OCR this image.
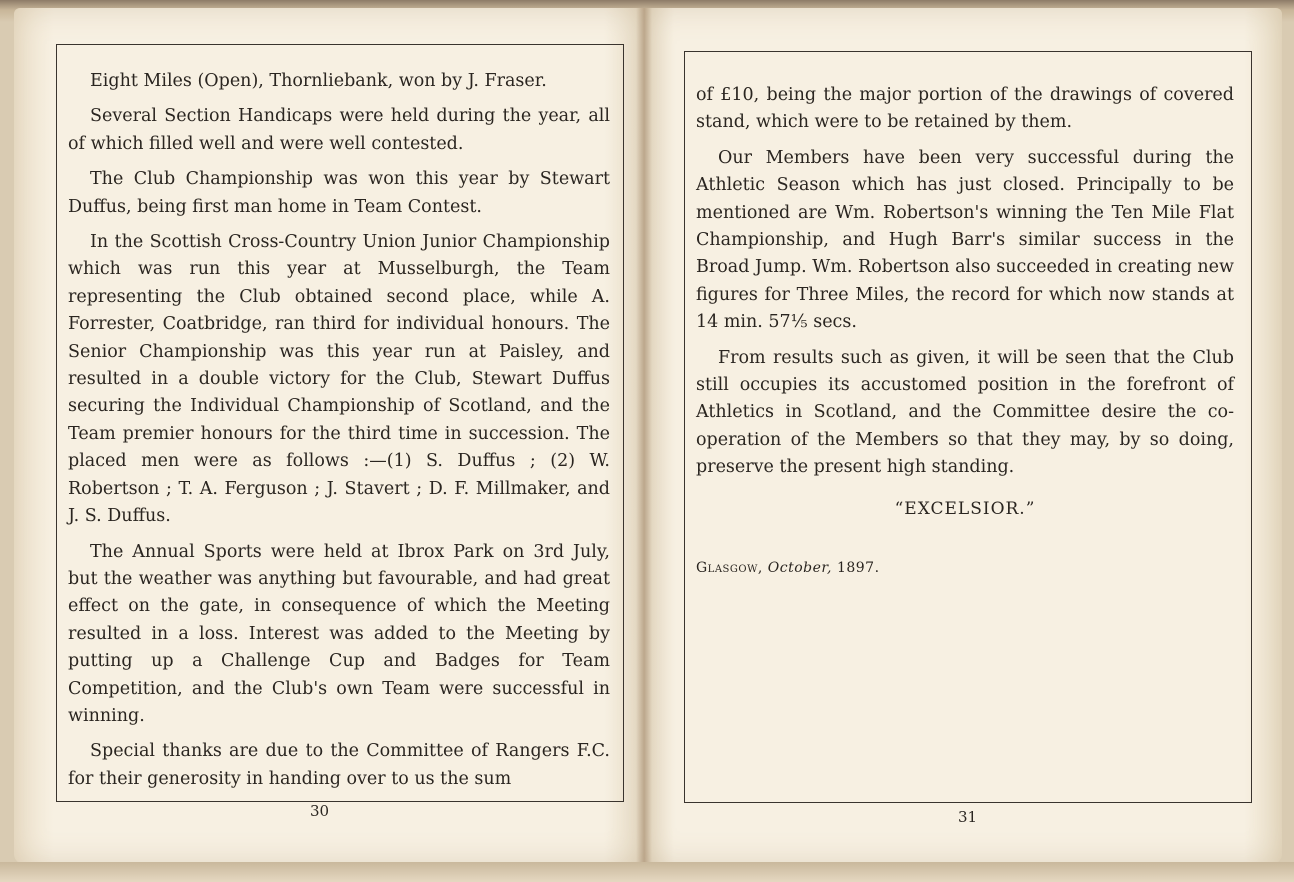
Eight Miles (Open), Thornliebank, won by J. Fraser.

Several Section Handicaps were held during the year, all of which filled well and were well contested.

The Club Championship was won this year by Stewart Duffus, being first man home in Team Contest.

In the Scottish Cross-Country Union Junior Championship which was run this year at Musselburgh, the Team representing the Club obtained second place, while A. Forrester, Coatbridge, ran third for individual honours. The Senior Championship was this year run at Paisley, and resulted in a double victory for the Club, Stewart Duffus securing the Individual Championship of Scotland, and the Team premier honours for the third time in succession. The placed men were as follows :—(1) S. Duffus ; (2) W. Robertson ; T. A. Ferguson ; J. Stavert ; D. F. Millmaker, and J. S. Duffus.

The Annual Sports were held at Ibrox Park on 3rd July, but the weather was anything but favourable, and had great effect on the gate, in consequence of which the Meeting resulted in a loss. Interest was added to the Meeting by putting up a Challenge Cup and Badges for Team Competition, and the Club's own Team were successful in winning.

Special thanks are due to the Committee of Rangers F.C. for their generosity in handing over to us the sum

30

of £10, being the major portion of the drawings of covered stand, which were to be retained by them.

Our Members have been very successful during the Athletic Season which has just closed. Principally to be mentioned are Wm. Robertson's winning the Ten Mile Flat Championship, and Hugh Barr's similar success in the Broad Jump. Wm. Robertson also succeeded in creating new figures for Three Miles, the record for which now stands at 14 min. 57⅕ secs.

From results such as given, it will be seen that the Club still occupies its accustomed position in the forefront of Athletics in Scotland, and the Committee desire the co-operation of the Members so that they may, by so doing, preserve the present high standing.

“EXCELSIOR.”
Glasgow, October, 1897.
31
